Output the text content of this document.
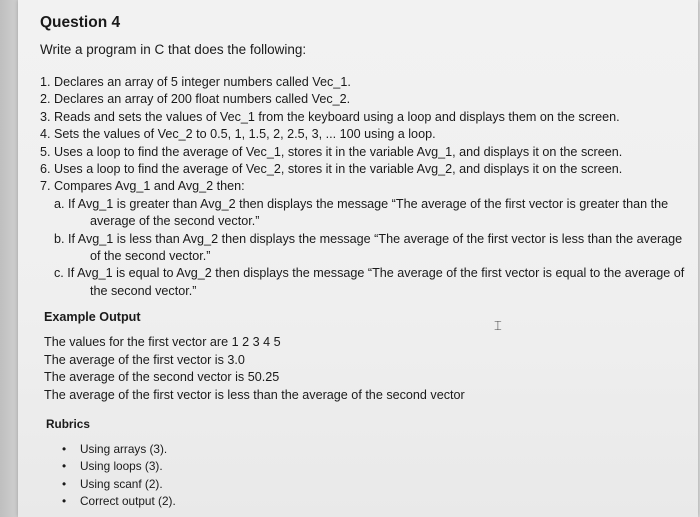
Question 4
Write a program in C that does the following:
1. Declares an array of 5 integer numbers called Vec_1.
2. Declares an array of 200 float numbers called Vec_2.
3. Reads and sets the values of Vec_1 from the keyboard using a loop and displays them on the screen.
4. Sets the values of Vec_2 to 0.5, 1, 1.5, 2, 2.5, 3, ... 100 using a loop.
5. Uses a loop to find the average of Vec_1, stores it in the variable Avg_1, and displays it on the screen.
6. Uses a loop to find the average of Vec_2, stores it in the variable Avg_2, and displays it on the screen.
7. Compares Avg_1 and Avg_2 then:
a. If Avg_1 is greater than Avg_2 then displays the message “The average of the first vector is greater than the
average of the second vector.”
b. If Avg_1 is less than Avg_2 then displays the message “The average of the first vector is less than the average
of the second vector.”
c. If Avg_1 is equal to Avg_2 then displays the message “The average of the first vector is equal to the average of
the second vector.”
Example Output
The values for the first vector are 1 2 3 4 5
The average of the first vector is 3.0
The average of the second vector is 50.25
The average of the first vector is less than the average of the second vector
Rubrics
• Using arrays (3).
• Using loops (3).
• Using scanf (2).
• Correct output (2).
⌶
